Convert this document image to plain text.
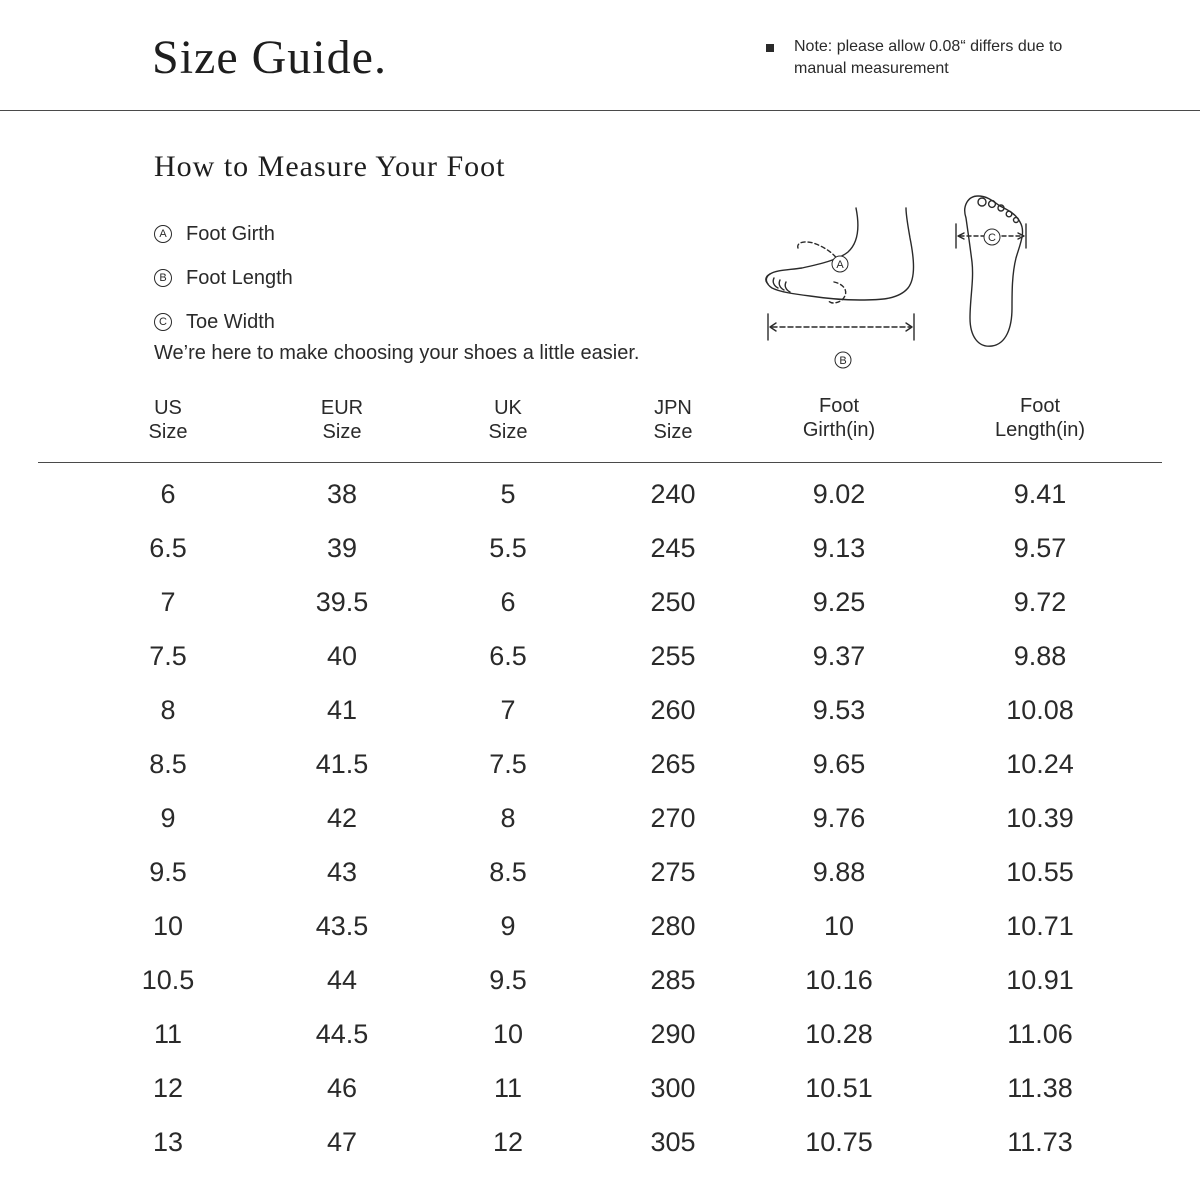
Size Guide.	Note: please allow 0.08“ differs due to manual measurement
How to Measure Your Foot
A Foot Girth
B Foot Length
C Toe Width

We’re here to make choosing your shoes a little easier.

A
B
C
US
Size
EUR
Size
UK
Size
JPN
Size
Foot
Girth(in)
Foot
Length(in)
6	38	5	240	9.02	9.41
6.5	39	5.5	245	9.13	9.57
7	39.5	6	250	9.25	9.72
7.5	40	6.5	255	9.37	9.88
8	41	7	260	9.53	10.08
8.5	41.5	7.5	265	9.65	10.24
9	42	8	270	9.76	10.39
9.5	43	8.5	275	9.88	10.55
10	43.5	9	280	10	10.71
10.5	44	9.5	285	10.16	10.91
11	44.5	10	290	10.28	11.06
12	46	11	300	10.51	11.38
13	47	12	305	10.75	11.73
